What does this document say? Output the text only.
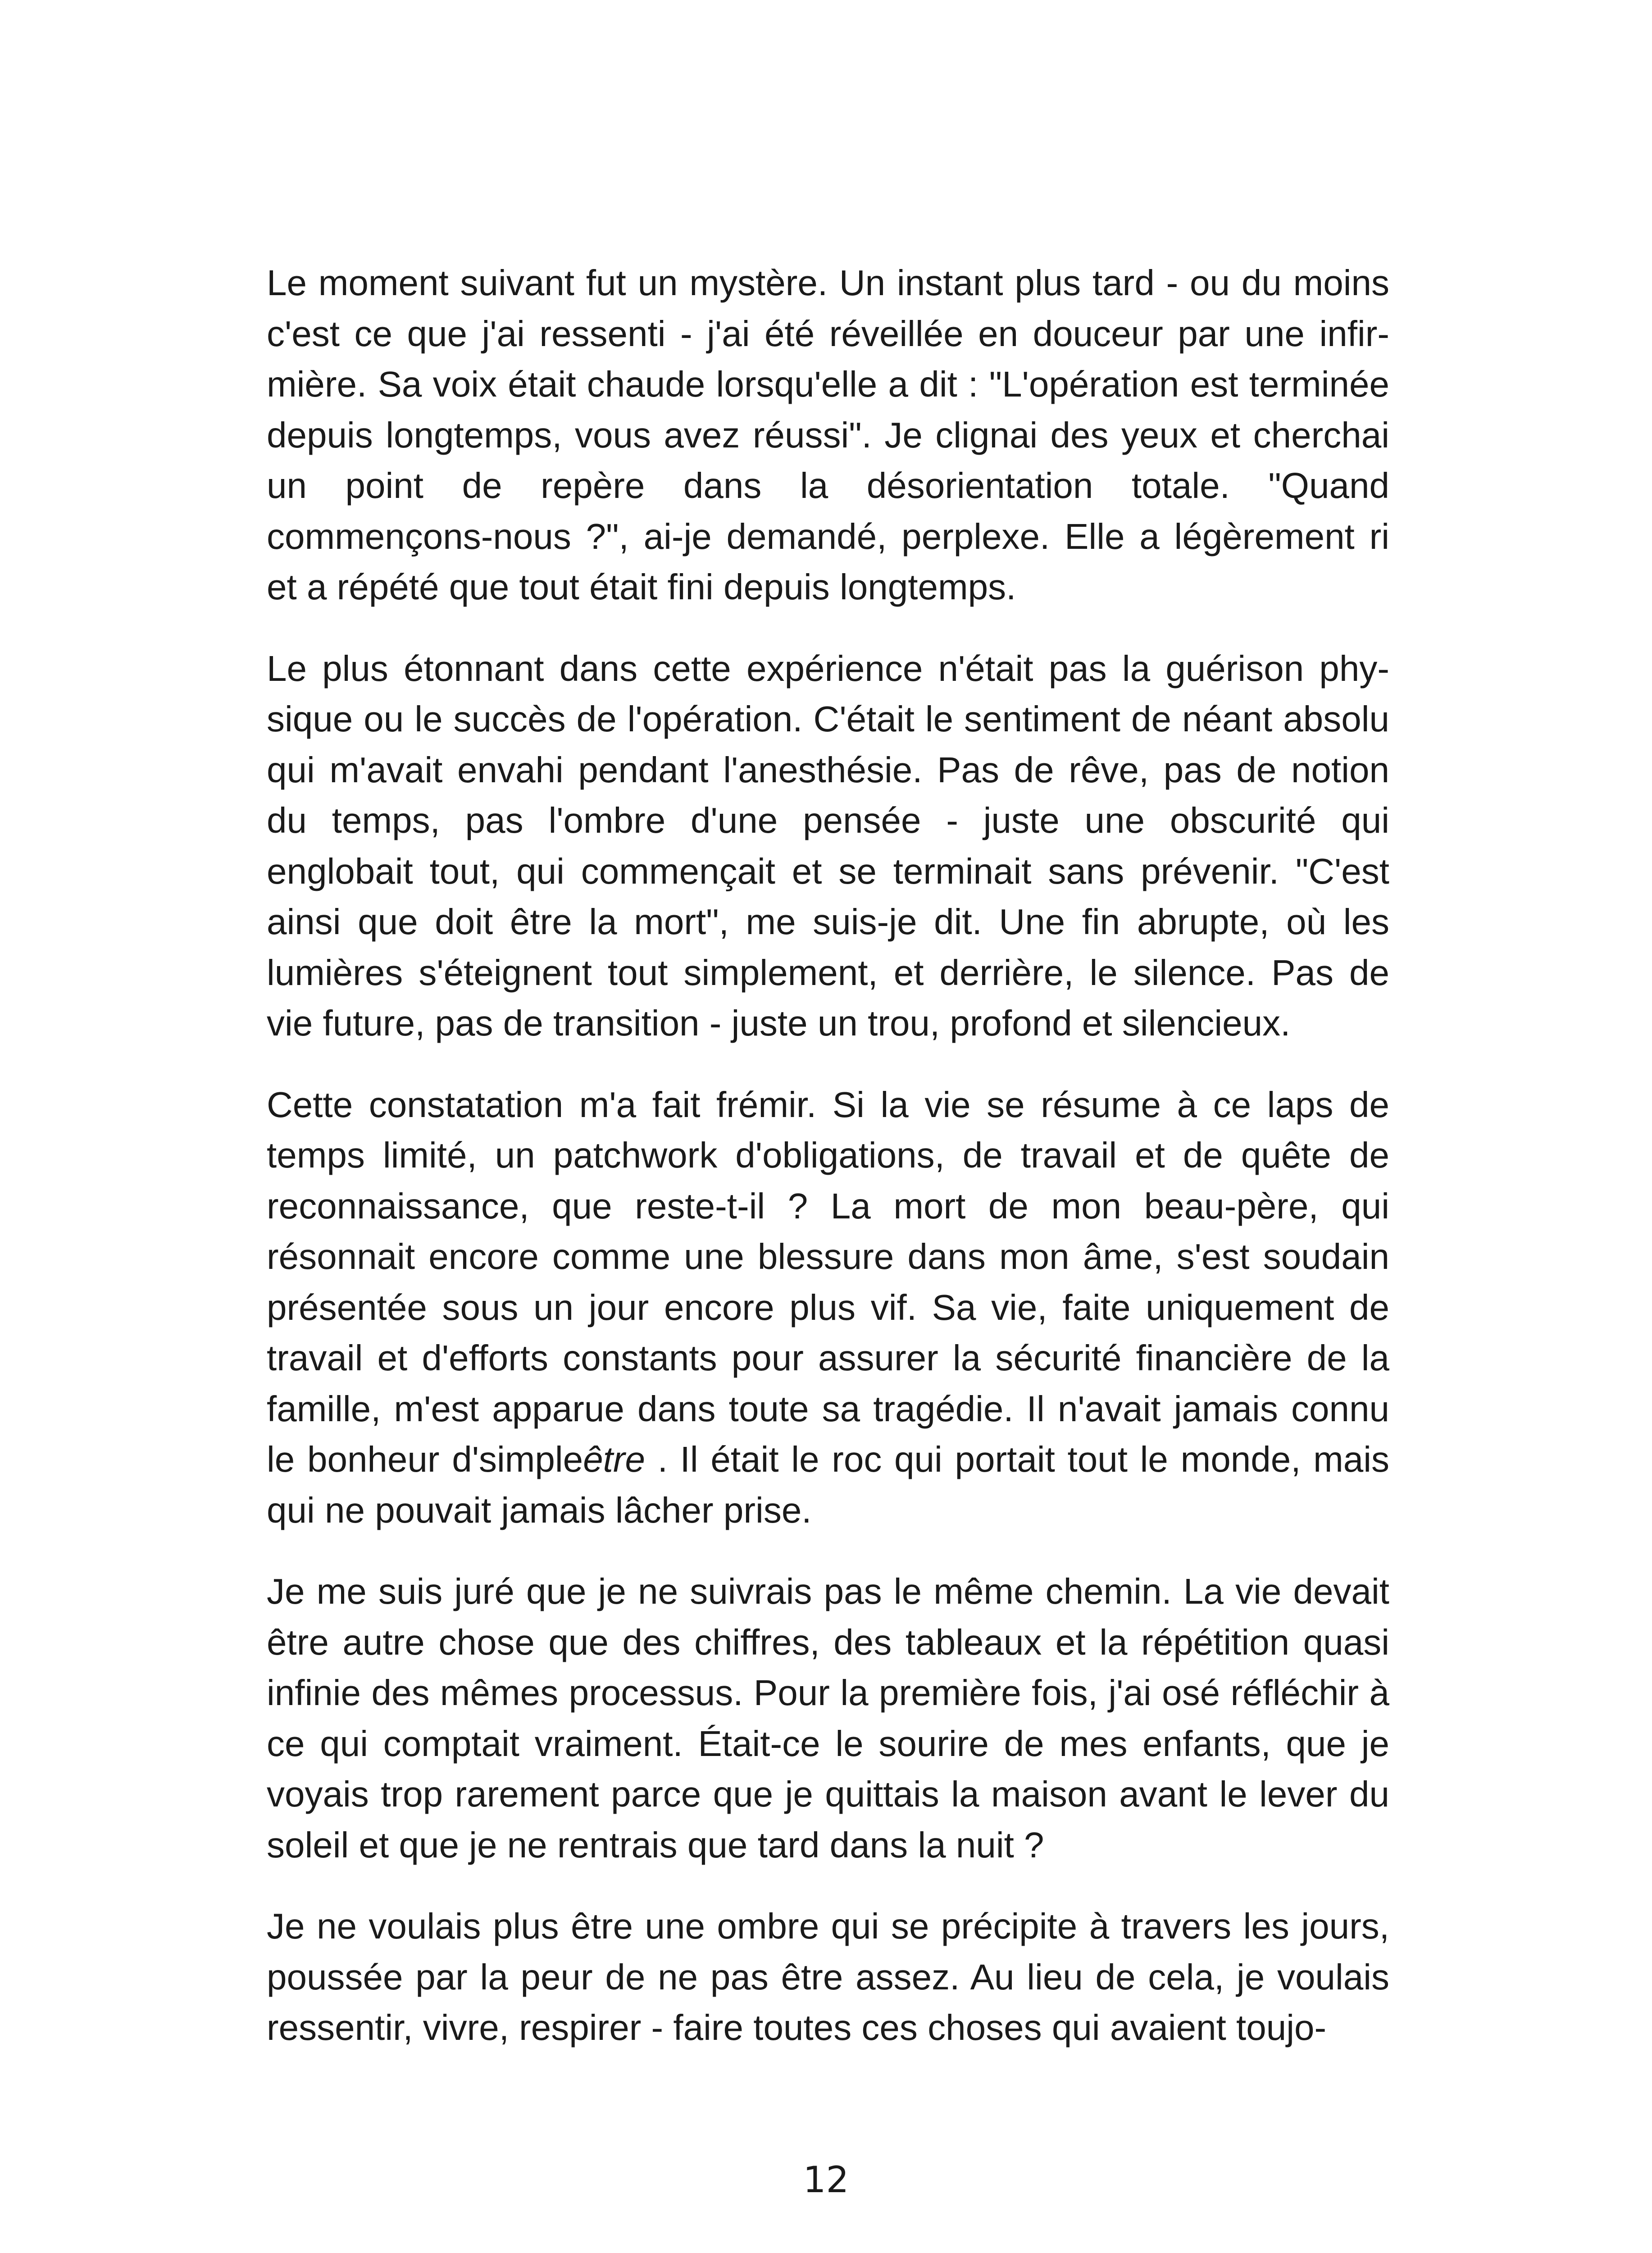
Le moment suivant fut un mystère. Un instant plus tard - ou du moins c'est ce que j'ai ressenti - j'ai été réveillée en douceur par une infirmière. Sa voix était chaude lorsqu'elle a dit : "L'opération est terminée depuis longtemps, vous avez réussi". Je clignai des yeux et cherchai un point de repère dans la désorientation totale. "Quand commençons-nous ?", ai-je demandé, perplexe. Elle a légèrement ri et a répété que tout était fini depuis longtemps.

Le plus étonnant dans cette expérience n'était pas la guérison physique ou le succès de l'opération. C'était le sentiment de néant absolu qui m'avait envahi pendant l'anesthésie. Pas de rêve, pas de notion du temps, pas l'ombre d'une pensée - juste une obscurité qui englobait tout, qui commençait et se terminait sans prévenir. "C'est ainsi que doit être la mort", me suis-je dit. Une fin abrupte, où les lumières s'éteignent tout simplement, et derrière, le silence. Pas de vie future, pas de transition - juste un trou, profond et silencieux.

Cette constatation m'a fait frémir. Si la vie se résume à ce laps de temps limité, un patchwork d'obligations, de travail et de quête de reconnaissance, que reste-t-il ? La mort de mon beau-père, qui résonnait encore comme une blessure dans mon âme, s'est soudain présentée sous un jour encore plus vif. Sa vie, faite uniquement de travail et d'efforts constants pour assurer la sécurité financière de la famille, m'est apparue dans toute sa tragédie. Il n'avait jamais connu le bonheur d'simpleêtre . Il était le roc qui portait tout le monde, mais qui ne pouvait jamais lâcher prise.

Je me suis juré que je ne suivrais pas le même chemin. La vie devait être autre chose que des chiffres, des tableaux et la répétition quasi infinie des mêmes processus. Pour la première fois, j'ai osé réfléchir à ce qui comptait vraiment. Était-ce le sourire de mes enfants, que je voyais trop rarement parce que je quittais la maison avant le lever du soleil et que je ne rentrais que tard dans la nuit ?

Je ne voulais plus être une ombre qui se précipite à travers les jours, poussée par la peur de ne pas être assez. Au lieu de cela, je voulais ressentir, vivre, respirer - faire toutes ces choses qui avaient toujo-

12
